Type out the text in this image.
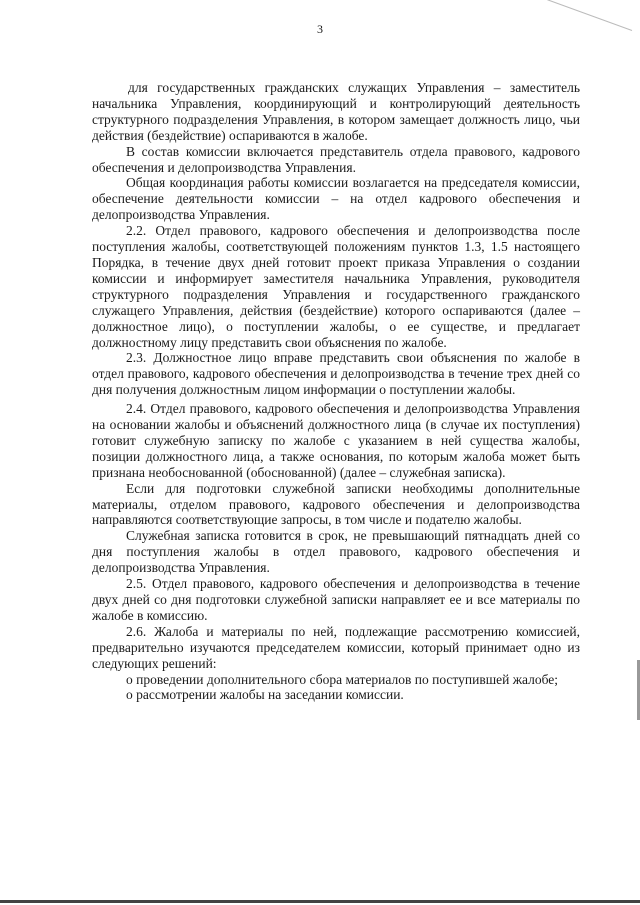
3

для государственных гражданских служащих Управления – заместитель начальника Управления, координирующий и контролирующий деятельность структурного подразделения Управления, в котором замещает должность лицо, чьи действия (бездействие) оспариваются в жалобе.

В состав комиссии включается представитель отдела правового, кадрового обеспечения и делопроизводства Управления.

Общая координация работы комиссии возлагается на председателя комиссии, обеспечение деятельности комиссии – на отдел кадрового обеспечения и делопроизводства Управления.

2.2. Отдел правового, кадрового обеспечения и делопроизводства после поступления жалобы, соответствующей положениям пунктов 1.3, 1.5 настоящего Порядка, в течение двух дней готовит проект приказа Управления о создании комиссии и информирует заместителя начальника Управления, руководителя структурного подразделения Управления и государственного гражданского служащего Управления, действия (бездействие) которого оспариваются (далее – должностное лицо), о поступлении жалобы, о ее существе, и предлагает должностному лицу представить свои объяснения по жалобе.

2.3. Должностное лицо вправе представить свои объяснения по жалобе в отдел правового, кадрового обеспечения и делопроизводства в течение трех дней со дня получения должностным лицом информации о поступлении жалобы.

2.4. Отдел правового, кадрового обеспечения и делопроизводства Управления на основании жалобы и объяснений должностного лица (в случае их поступления) готовит служебную записку по жалобе с указанием в ней существа жалобы, позиции должностного лица, а также основания, по которым жалоба может быть признана необоснованной (обоснованной) (далее – служебная записка).

Если для подготовки служебной записки необходимы дополнительные материалы, отделом правового, кадрового обеспечения и делопроизводства направляются соответствующие запросы, в том числе и подателю жалобы.

Служебная записка готовится в срок, не превышающий пятнадцать дней со дня поступления жалобы в отдел правового, кадрового обеспечения и делопроизводства Управления.

2.5. Отдел правового, кадрового обеспечения и делопроизводства в течение двух дней со дня подготовки служебной записки направляет ее и все материалы по жалобе в комиссию.

2.6. Жалоба и материалы по ней, подлежащие рассмотрению комиссией, предварительно изучаются председателем комиссии, который принимает одно из следующих решений:

о проведении дополнительного сбора материалов по поступившей жалобе;

о рассмотрении жалобы на заседании комиссии.
